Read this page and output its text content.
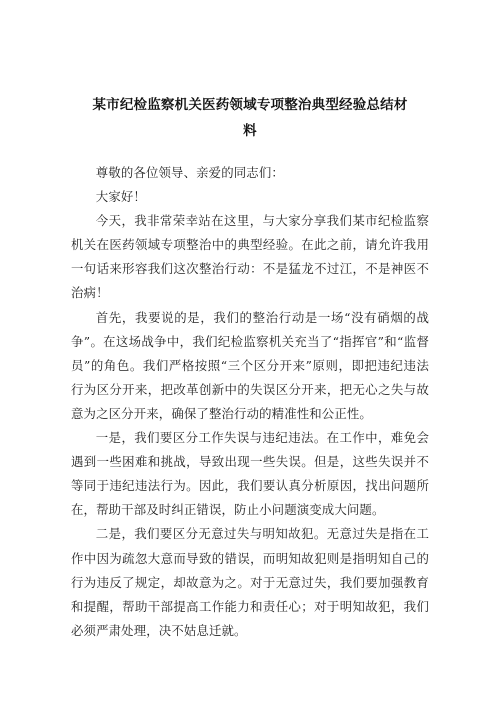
某市纪检监察机关医药领域专项整治典型经验总结材料

尊敬的各位领导、亲爱的同志们：

大家好！

今天，我非常荣幸站在这里，与大家分享我们某市纪检监察机关在医药领域专项整治中的典型经验。在此之前，请允许我用一句话来形容我们这次整治行动：不是猛龙不过江，不是神医不治病！

首先，我要说的是，我们的整治行动是一场“没有硝烟的战争”。在这场战争中，我们纪检监察机关充当了“指挥官”和“监督员”的角色。我们严格按照“三个区分开来”原则，即把违纪违法行为区分开来，把改革创新中的失误区分开来，把无心之失与故意为之区分开来，确保了整治行动的精准性和公正性。

一是，我们要区分工作失误与违纪违法。在工作中，难免会遇到一些困难和挑战，导致出现一些失误。但是，这些失误并不等同于违纪违法行为。因此，我们要认真分析原因，找出问题所在，帮助干部及时纠正错误，防止小问题演变成大问题。

二是，我们要区分无意过失与明知故犯。无意过失是指在工作中因为疏忽大意而导致的错误，而明知故犯则是指明知自己的行为违反了规定，却故意为之。对于无意过失，我们要加强教育和提醒，帮助干部提高工作能力和责任心；对于明知故犯，我们必须严肃处理，决不姑息迁就。
